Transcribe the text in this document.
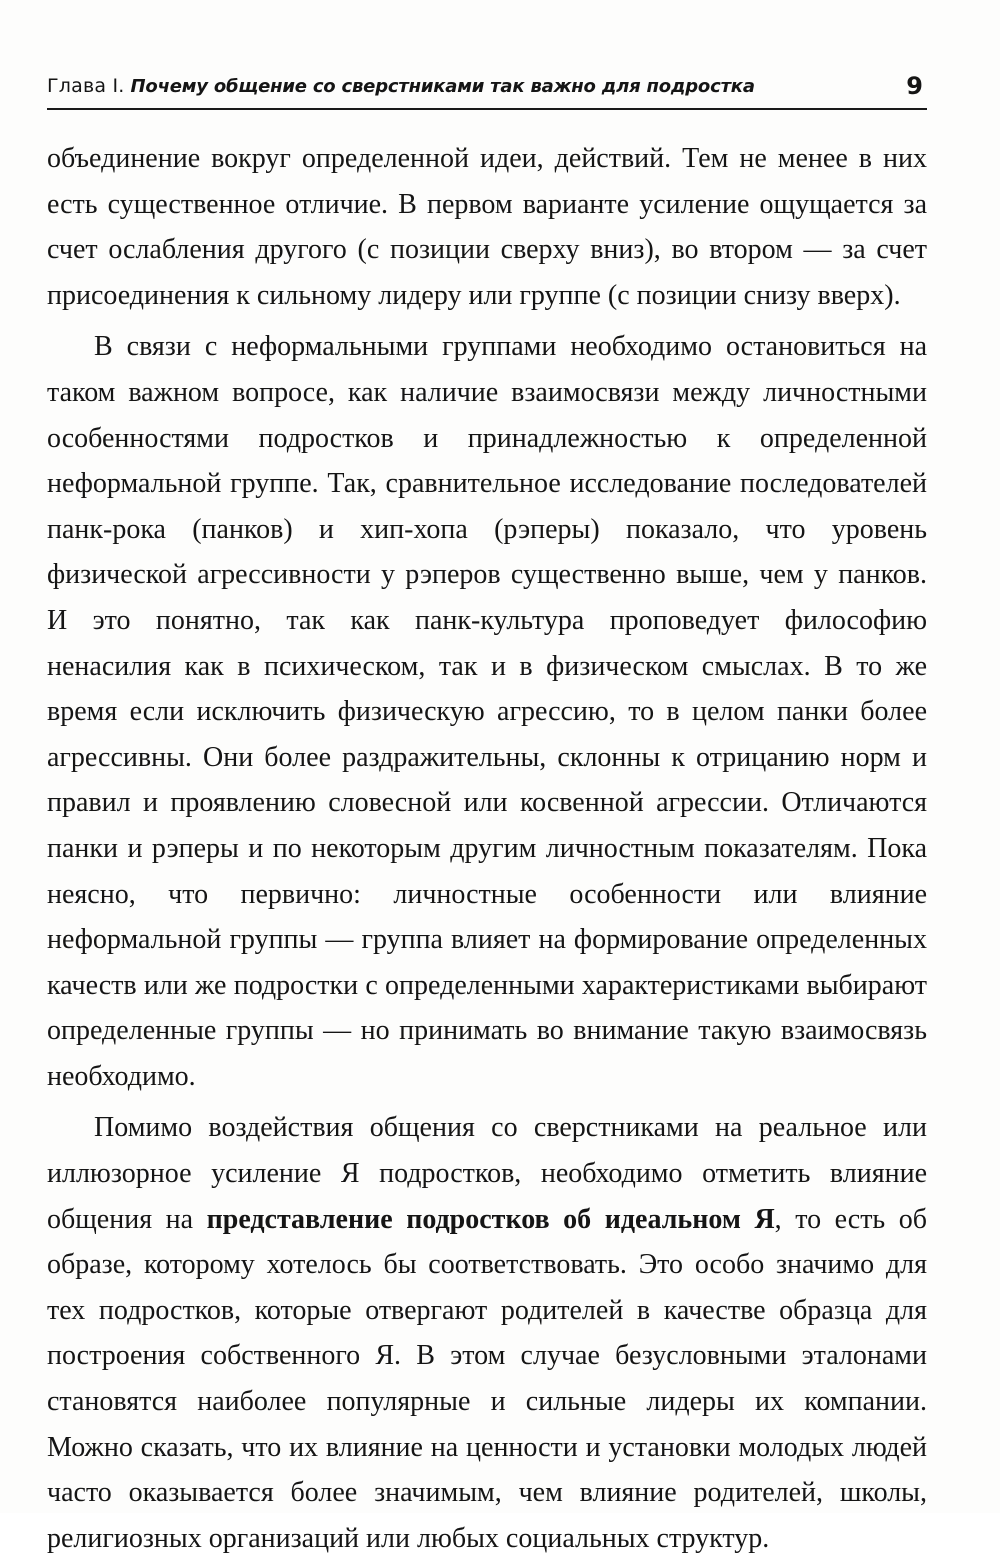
Глава I. Почему общение со сверстниками так важно для подростка	9

объединение вокруг определенной идеи, действий. Тем не менее в них есть существенное отличие. В первом варианте усиление ощущается за счет ослабления другого (с позиции сверху вниз), во втором — за счет присоединения к сильному лидеру или группе (с позиции снизу вверх).

В связи с неформальными группами необходимо остановиться на таком важном вопросе, как наличие взаимосвязи между личностными особенностями подростков и принадлежностью к определенной неформальной группе. Так, сравнительное исследование последователей панк-рока (панков) и хип-хопа (рэперы) показало, что уровень физической агрессивности у рэперов существенно выше, чем у панков. И это понятно, так как панк-культура проповедует философию ненасилия как в психическом, так и в физическом смыслах. В то же время если исключить физическую агрессию, то в целом панки более агрессивны. Они более раздражительны, склонны к отрицанию норм и правил и проявлению словесной или косвенной агрессии. Отличаются панки и рэперы и по некоторым другим личностным показателям. Пока неясно, что первично: личностные особенности или влияние неформальной группы — группа влияет на формирование определенных качеств или же подростки с определенными характеристиками выбирают определенные группы — но принимать во внимание такую взаимосвязь необходимо.

Помимо воздействия общения со сверстниками на реальное или иллюзорное усиление Я подростков, необходимо отметить влияние общения на представление подростков об идеальном Я, то есть об образе, которому хотелось бы соответствовать. Это особо значимо для тех подростков, которые отвергают родителей в качестве образца для построения собственного Я. В этом случае безусловными эталонами становятся наиболее популярные и сильные лидеры их компании. Можно сказать, что их влияние на ценности и установки молодых людей часто оказывается более значимым, чем влияние родителей, школы, религиозных организаций или любых социальных структур.
